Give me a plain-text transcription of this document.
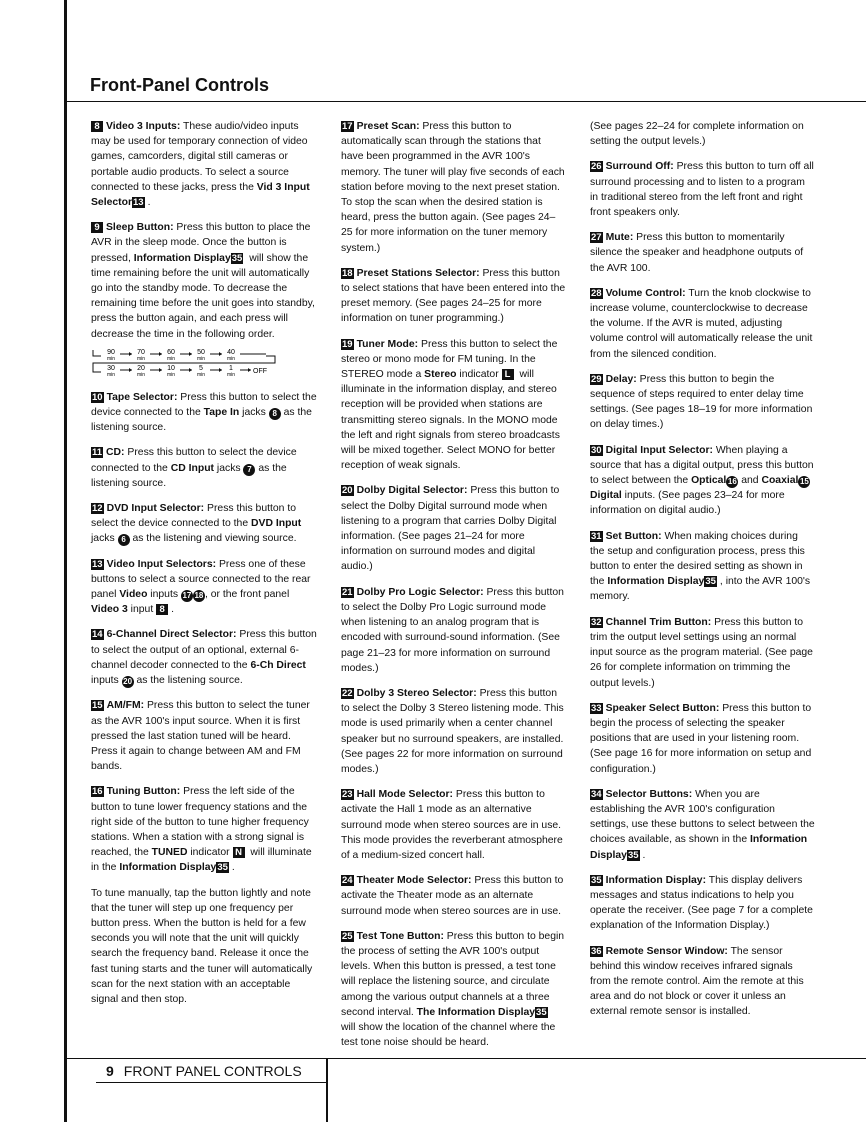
Front-Panel Controls

8 Video 3 Inputs: These audio/video inputs may be used for temporary connection of video games, camcorders, digital still cameras or portable audio products. To select a source connected to these jacks, press the Vid 3 Input Selector13 .

9 Sleep Button: Press this button to place the AVR in the sleep mode. Once the button is pressed, Information Display35 will show the time remaining before the unit will automatically go into the standby mode. To decrease the remaining time before the unit goes into standby, press the button again, and each press will decrease the time in the following order.

90
min
70
min
60
min
50
min
40
min
30
min
20
min
10
min
5
min
1
min	OFF

10 Tape Selector: Press this button to select the device connected to the Tape In jacks 8 as the listening source.

11 CD: Press this button to select the device connected to the CD Input jacks 7 as the listening source.

12 DVD Input Selector: Press this button to select the device connected to the DVD Input jacks 6 as the listening and viewing source.

13 Video Input Selectors: Press one of these buttons to select a source connected to the rear panel Video inputs 17 18 , or the front panel Video 3 input 8 .

14 6-Channel Direct Selector: Press this button to select the output of an optional, external 6-channel decoder connected to the 6-Ch Direct inputs 20 as the listening source.

15 AM/FM: Press this button to select the tuner as the AVR 100's input source. When it is first pressed the last station tuned will be heard. Press it again to change between AM and FM bands.

16 Tuning Button: Press the left side of the button to tune lower frequency stations and the right side of the button to tune higher frequency stations. When a station with a strong signal is reached, the TUNED indicator N will illuminate in the Information Display35 .

To tune manually, tap the button lightly and note that the tuner will step up one frequency per button press. When the button is held for a few seconds you will note that the unit will quickly search the frequency band. Release it once the fast tuning starts and the tuner will automatically scan for the next station with an acceptable signal and then stop.

17 Preset Scan: Press this button to automatically scan through the stations that have been programmed in the AVR 100's memory. The tuner will play five seconds of each station before moving to the next preset station. To stop the scan when the desired station is heard, press the button again. (See pages 24–25 for more information on the tuner memory system.)

18 Preset Stations Selector: Press this button to select stations that have been entered into the preset memory. (See pages 24–25 for more information on tuner programming.)

19 Tuner Mode: Press this button to select the stereo or mono mode for FM tuning. In the STEREO mode a Stereo indicator L will illuminate in the information display, and stereo reception will be provided when stations are transmitting stereo signals. In the MONO mode the left and right signals from stereo broadcasts will be mixed together. Select MONO for better reception of weak signals.

20 Dolby Digital Selector: Press this button to select the Dolby Digital surround mode when listening to a program that carries Dolby Digital information. (See pages 21–24 for more information on surround modes and digital audio.)

21 Dolby Pro Logic Selector: Press this button to select the Dolby Pro Logic surround mode when listening to an analog program that is encoded with surround-sound information. (See page 21–23 for more information on surround modes.)

22 Dolby 3 Stereo Selector: Press this button to select the Dolby 3 Stereo listening mode. This mode is used primarily when a center channel speaker but no surround speakers, are installed. (See pages 22 for more information on surround modes.)

23 Hall Mode Selector: Press this button to activate the Hall 1 mode as an alternative surround mode when stereo sources are in use. This mode provides the reverberant atmosphere of a medium-sized concert hall.

24 Theater Mode Selector: Press this button to activate the Theater mode as an alternate surround mode when stereo sources are in use.

25 Test Tone Button: Press this button to begin the process of setting the AVR 100's output levels. When this button is pressed, a test tone will replace the listening source, and circulate among the various output channels at a three second interval. The Information Display35 will show the location of the channel where the test tone noise should be heard.

(See pages 22–24 for complete information on setting the output levels.)

26 Surround Off: Press this button to turn off all surround processing and to listen to a program in traditional stereo from the left front and right front speakers only.

27 Mute: Press this button to momentarily silence the speaker and headphone outputs of the AVR 100.

28 Volume Control: Turn the knob clockwise to increase volume, counterclockwise to decrease the volume. If the AVR is muted, adjusting volume control will automatically release the unit from the silenced condition.

29 Delay: Press this button to begin the sequence of steps required to enter delay time settings. (See pages 18–19 for more information on delay times.)

30 Digital Input Selector: When playing a source that has a digital output, press this button to select between the Optical 16 and Coaxial 15 Digital inputs. (See pages 23–24 for more information on digital audio.)

31 Set Button: When making choices during the setup and configuration process, press this button to enter the desired setting as shown in the Information Display35 , into the AVR 100's memory.

32 Channel Trim Button: Press this button to trim the output level settings using an normal input source as the program material. (See page 26 for complete information on trimming the output levels.)

33 Speaker Select Button: Press this button to begin the process of selecting the speaker positions that are used in your listening room. (See page 16 for more information on setup and configuration.)

34 Selector Buttons: When you are establishing the AVR 100's configuration settings, use these buttons to select between the choices available, as shown in the Information Display35 .

35 Information Display: This display delivers messages and status indications to help you operate the receiver. (See page 7 for a complete explanation of the Information Display.)

36 Remote Sensor Window: The sensor behind this window receives infrared signals from the remote control. Aim the remote at this area and do not block or cover it unless an external remote sensor is installed.

9 FRONT PANEL CONTROLS
